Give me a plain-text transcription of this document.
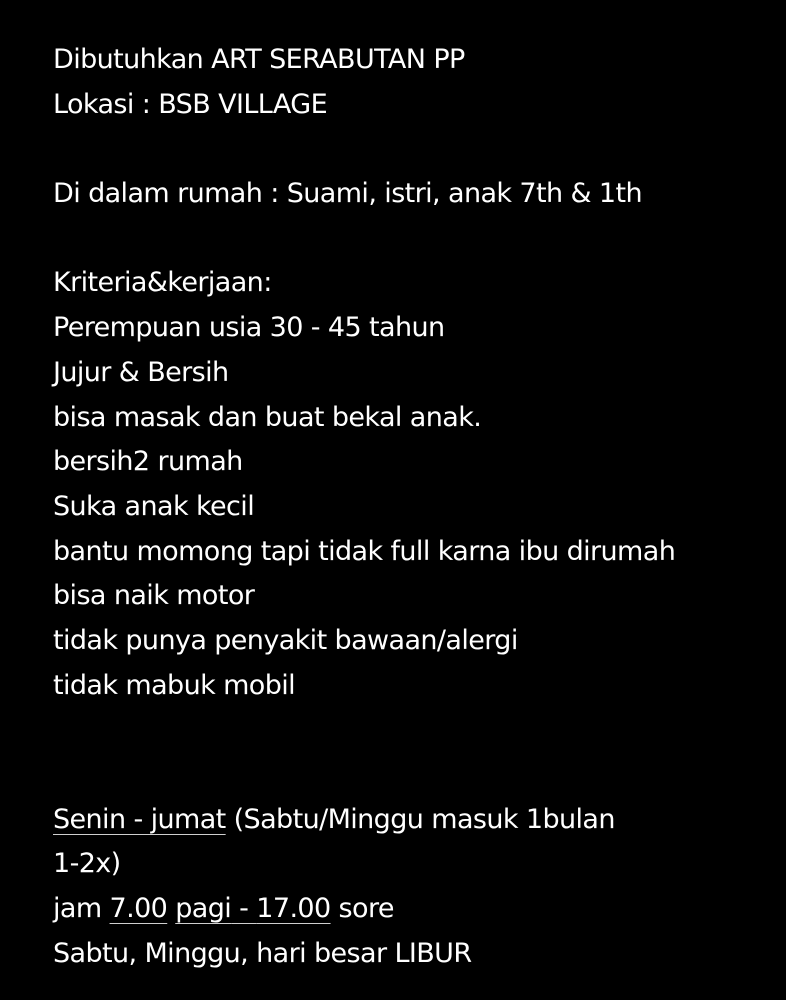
Dibutuhkan ART SERABUTAN PP
Lokasi : BSB VILLAGE
Di dalam rumah : Suami, istri, anak 7th & 1th
Kriteria&kerjaan:
Perempuan usia 30 - 45 tahun
Jujur & Bersih
bisa masak dan buat bekal anak.
bersih2 rumah
Suka anak kecil
bantu momong tapi tidak full karna ibu dirumah
bisa naik motor
tidak punya penyakit bawaan/alergi
tidak mabuk mobil
Senin - jumat (Sabtu/Minggu masuk 1bulan
1-2x)
jam 7.00 pagi - 17.00 sore
Sabtu, Minggu, hari besar LIBUR
